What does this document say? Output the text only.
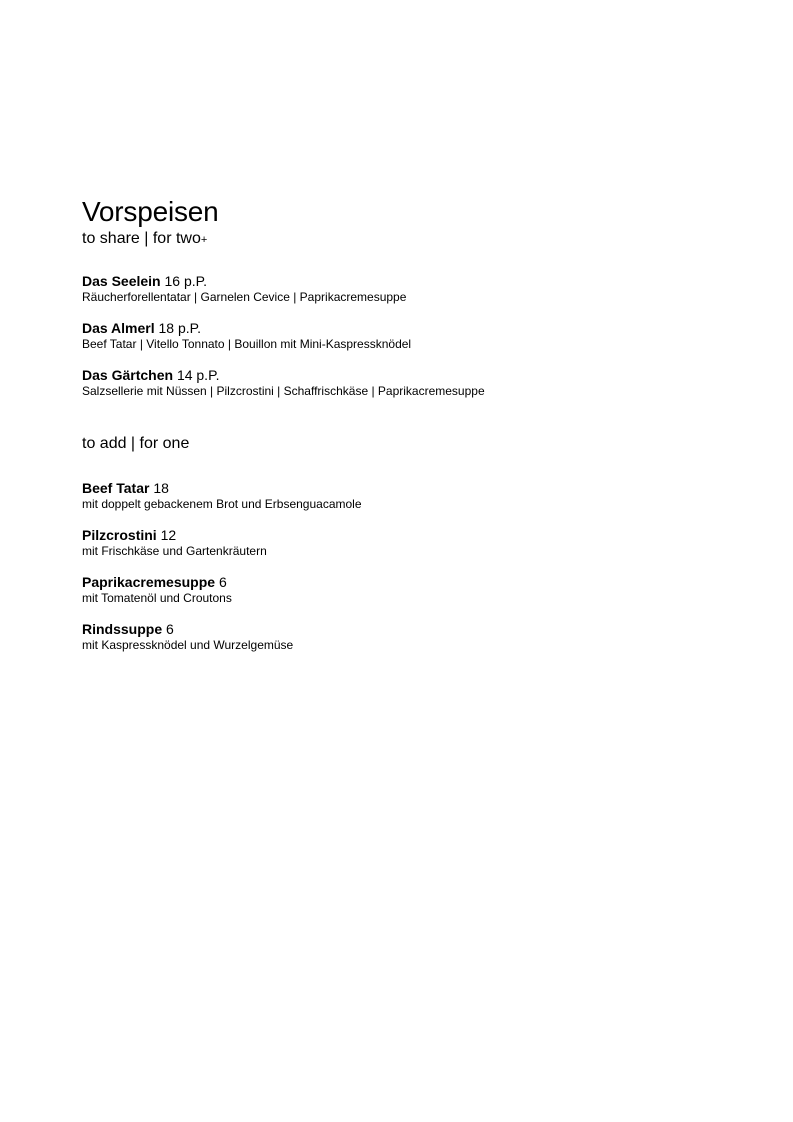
Vorspeisen

to share | for two+

Das Seelein 16 p.P.
Räucherforellentatar | Garnelen Cevice | Paprikacremesuppe
Das Almerl 18 p.P.
Beef Tatar | Vitello Tonnato | Bouillon mit Mini-Kaspressknödel
Das Gärtchen 14 p.P.
Salzsellerie mit Nüssen | Pilzcrostini | Schaffrischkäse | Paprikacremesuppe
to add | for one
Beef Tatar 18
mit doppelt gebackenem Brot und Erbsenguacamole
Pilzcrostini 12
mit Frischkäse und Gartenkräutern
Paprikacremesuppe 6
mit Tomatenöl und Croutons
Rindssuppe 6
mit Kaspressknödel und Wurzelgemüse
